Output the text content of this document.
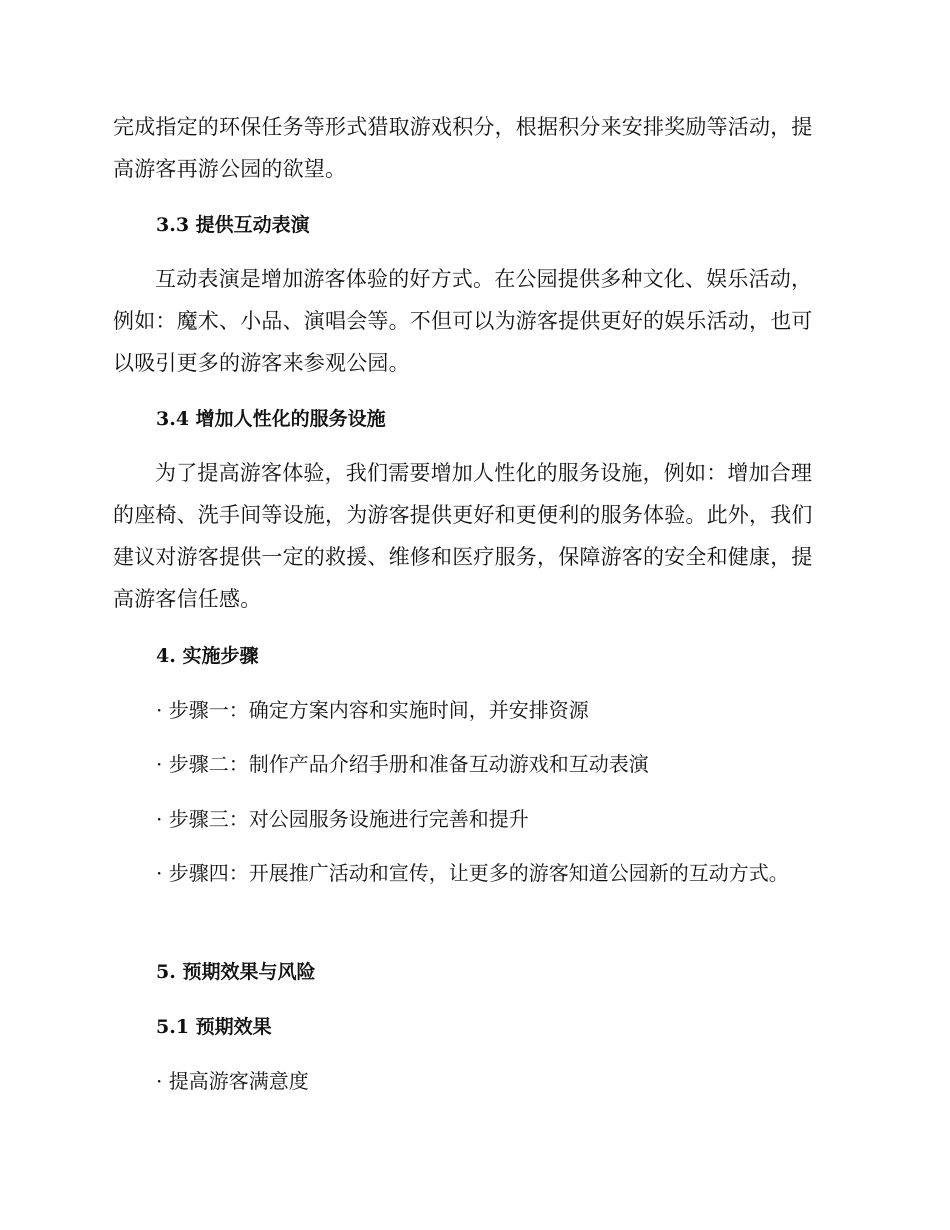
完成指定的环保任务等形式猎取游戏积分，根据积分来安排奖励等活动，提高游客再游公园的欲望。

3.3 提供互动表演

互动表演是增加游客体验的好方式。在公园提供多种文化、娱乐活动，例如：魔术、小品、演唱会等。不但可以为游客提供更好的娱乐活动，也可以吸引更多的游客来参观公园。

3.4 增加人性化的服务设施

为了提高游客体验，我们需要增加人性化的服务设施，例如：增加合理的座椅、洗手间等设施，为游客提供更好和更便利的服务体验。此外，我们建议对游客提供一定的救援、维修和医疗服务，保障游客的安全和健康，提高游客信任感。

4. 实施步骤

· 步骤一：确定方案内容和实施时间，并安排资源

· 步骤二：制作产品介绍手册和准备互动游戏和互动表演

· 步骤三：对公园服务设施进行完善和提升

· 步骤四：开展推广活动和宣传，让更多的游客知道公园新的互动方式。

5. 预期效果与风险
5.1 预期效果

· 提高游客满意度
